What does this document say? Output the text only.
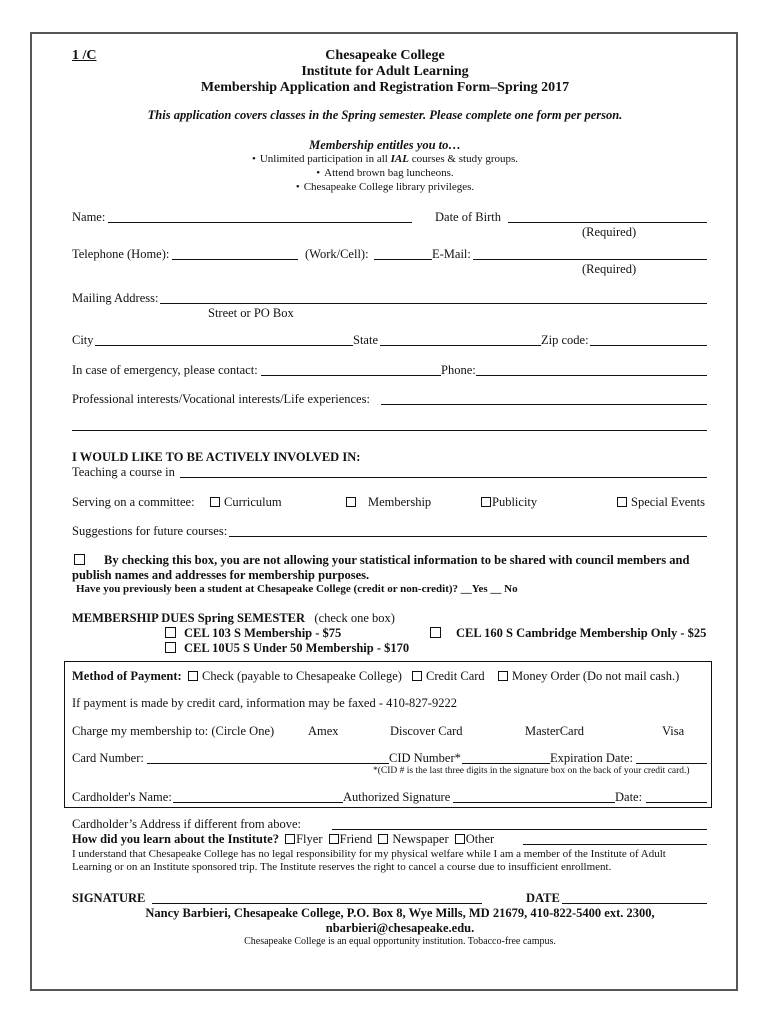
1 /C	Chesapeake College
Institute for Adult Learning
Membership Application and Registration Form–Spring 2017
This application covers classes in the Spring semester. Please complete one form per person.
Membership entitles you to…
• Unlimited participation in all IAL courses & study groups.
• Attend brown bag luncheons.
• Chesapeake College library privileges.
Name:	Date of Birth
(Required)
Telephone (Home):	(Work/Cell):	E-Mail:
(Required)
Mailing Address:
Street or PO Box
City	State	Zip code:
In case of emergency, please contact:	Phone:
Professional interests/Vocational interests/Life experiences:
I WOULD LIKE TO BE ACTIVELY INVOLVED IN:
Teaching a course in
Serving on a committee:	Curriculum	Membership	Publicity	Special Events
Suggestions for future courses:
By checking this box, you are not allowing your statistical information to be shared with council members and
publish names and addresses for membership purposes.
Have you previously been a student at Chesapeake College (credit or non-credit)? __Yes __ No
MEMBERSHIP DUES Spring SEMESTER (check one box)
CEL 103 S Membership - $75
CEL 10U5 S Under 50 Membership - $170
CEL 160 S Cambridge Membership Only - $25
Method of Payment:	Check (payable to Chesapeake College)	Credit Card	Money Order (Do not mail cash.)
If payment is made by credit card, information may be faxed - 410-827-9222
Charge my membership to: (Circle One)	Amex	Discover Card	MasterCard	Visa
Card Number:	CID Number*	Expiration Date:
*(CID # is the last three digits in the signature box on the back of your credit card.)
Cardholder's Name:	Authorized Signature	Date:
Cardholder’s Address if different from above:
How did you learn about the Institute? Flyer Friend Newspaper Other
I understand that Chesapeake College has no legal responsibility for my physical welfare while I am a member of the Institute of Adult
Learning or on an Institute sponsored trip. The Institute reserves the right to cancel a course due to insufficient enrollment.
SIGNATURE	DATE
Nancy Barbieri, Chesapeake College, P.O. Box 8, Wye Mills, MD 21679, 410-822-5400 ext. 2300,
nbarbieri@chesapeake.edu.
Chesapeake College is an equal opportunity institution. Tobacco-free campus.
